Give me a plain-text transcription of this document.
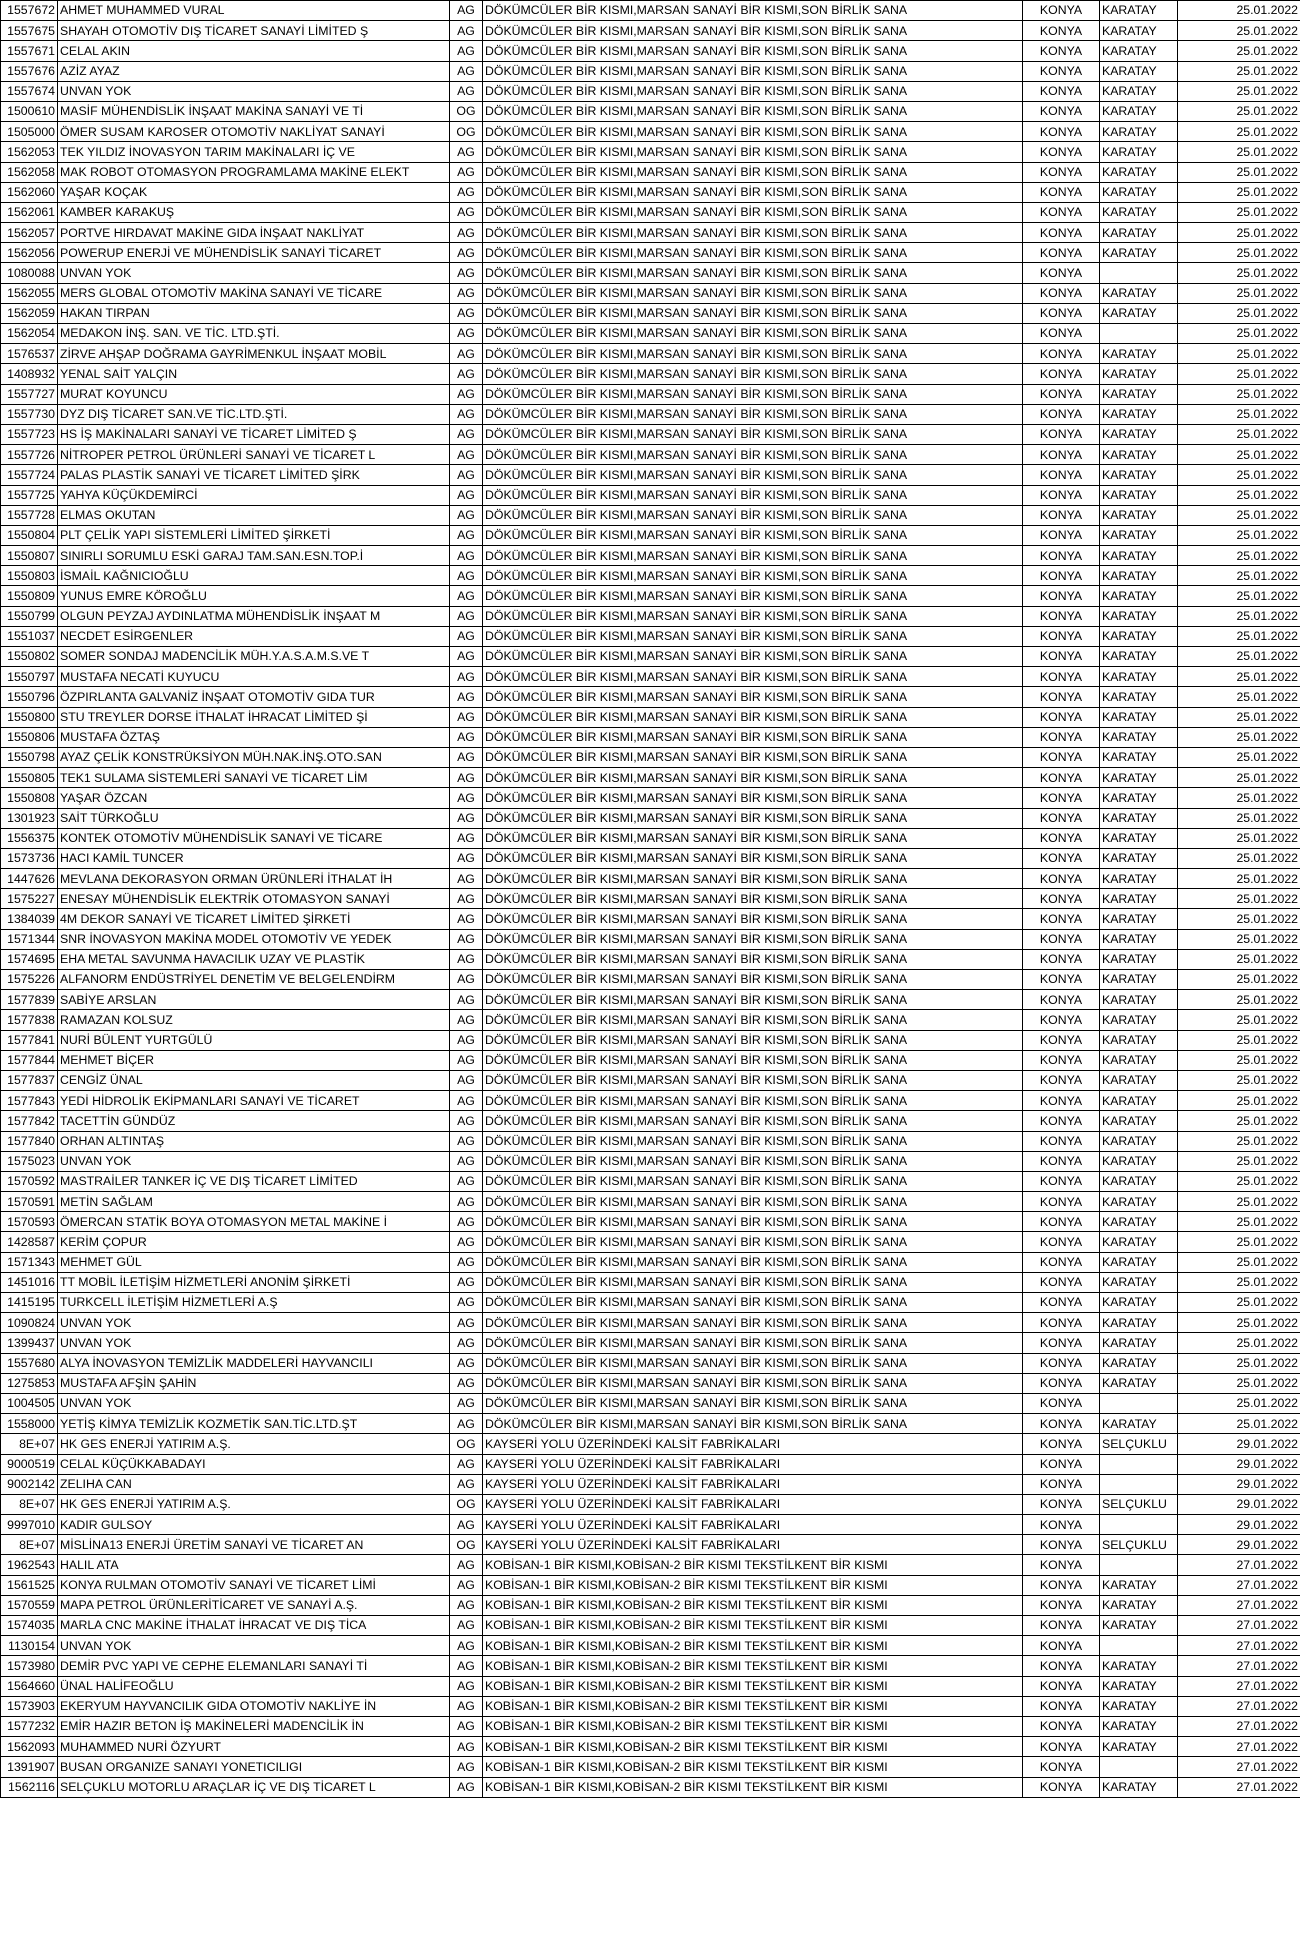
1557672	AHMET MUHAMMED VURAL	AG	DÖKÜMCÜLER BİR KISMI,MARSAN SANAYİ BİR KISMI,SON BİRLİK SANA	KONYA	KARATAY	25.01.2022
1557675	SHAYAH OTOMOTİV DIŞ TİCARET SANAYİ LİMİTED Ş	AG	DÖKÜMCÜLER BİR KISMI,MARSAN SANAYİ BİR KISMI,SON BİRLİK SANA	KONYA	KARATAY	25.01.2022
1557671	CELAL AKIN	AG	DÖKÜMCÜLER BİR KISMI,MARSAN SANAYİ BİR KISMI,SON BİRLİK SANA	KONYA	KARATAY	25.01.2022
1557676	AZİZ AYAZ	AG	DÖKÜMCÜLER BİR KISMI,MARSAN SANAYİ BİR KISMI,SON BİRLİK SANA	KONYA	KARATAY	25.01.2022
1557674	UNVAN YOK	AG	DÖKÜMCÜLER BİR KISMI,MARSAN SANAYİ BİR KISMI,SON BİRLİK SANA	KONYA	KARATAY	25.01.2022
1500610	MASİF MÜHENDİSLİK İNŞAAT MAKİNA SANAYİ VE Tİ	OG	DÖKÜMCÜLER BİR KISMI,MARSAN SANAYİ BİR KISMI,SON BİRLİK SANA	KONYA	KARATAY	25.01.2022
1505000	ÖMER SUSAM KAROSER OTOMOTİV NAKLİYAT SANAYİ	OG	DÖKÜMCÜLER BİR KISMI,MARSAN SANAYİ BİR KISMI,SON BİRLİK SANA	KONYA	KARATAY	25.01.2022
1562053	TEK YILDIZ İNOVASYON TARIM MAKİNALARI İÇ VE	AG	DÖKÜMCÜLER BİR KISMI,MARSAN SANAYİ BİR KISMI,SON BİRLİK SANA	KONYA	KARATAY	25.01.2022
1562058	MAK ROBOT OTOMASYON PROGRAMLAMA MAKİNE ELEKT	AG	DÖKÜMCÜLER BİR KISMI,MARSAN SANAYİ BİR KISMI,SON BİRLİK SANA	KONYA	KARATAY	25.01.2022
1562060	YAŞAR KOÇAK	AG	DÖKÜMCÜLER BİR KISMI,MARSAN SANAYİ BİR KISMI,SON BİRLİK SANA	KONYA	KARATAY	25.01.2022
1562061	KAMBER KARAKUŞ	AG	DÖKÜMCÜLER BİR KISMI,MARSAN SANAYİ BİR KISMI,SON BİRLİK SANA	KONYA	KARATAY	25.01.2022
1562057	PORTVE HIRDAVAT MAKİNE GIDA İNŞAAT NAKLİYAT	AG	DÖKÜMCÜLER BİR KISMI,MARSAN SANAYİ BİR KISMI,SON BİRLİK SANA	KONYA	KARATAY	25.01.2022
1562056	POWERUP ENERJİ VE MÜHENDİSLİK SANAYİ TİCARET	AG	DÖKÜMCÜLER BİR KISMI,MARSAN SANAYİ BİR KISMI,SON BİRLİK SANA	KONYA	KARATAY	25.01.2022
1080088	UNVAN YOK	AG	DÖKÜMCÜLER BİR KISMI,MARSAN SANAYİ BİR KISMI,SON BİRLİK SANA	KONYA		25.01.2022
1562055	MERS GLOBAL OTOMOTİV MAKİNA SANAYİ VE TİCARE	AG	DÖKÜMCÜLER BİR KISMI,MARSAN SANAYİ BİR KISMI,SON BİRLİK SANA	KONYA	KARATAY	25.01.2022
1562059	HAKAN TIRPAN	AG	DÖKÜMCÜLER BİR KISMI,MARSAN SANAYİ BİR KISMI,SON BİRLİK SANA	KONYA	KARATAY	25.01.2022
1562054	MEDAKON İNŞ. SAN. VE TİC. LTD.ŞTİ.	AG	DÖKÜMCÜLER BİR KISMI,MARSAN SANAYİ BİR KISMI,SON BİRLİK SANA	KONYA		25.01.2022
1576537	ZİRVE AHŞAP DOĞRAMA GAYRİMENKUL İNŞAAT MOBİL	AG	DÖKÜMCÜLER BİR KISMI,MARSAN SANAYİ BİR KISMI,SON BİRLİK SANA	KONYA	KARATAY	25.01.2022
1408932	YENAL SAİT YALÇIN	AG	DÖKÜMCÜLER BİR KISMI,MARSAN SANAYİ BİR KISMI,SON BİRLİK SANA	KONYA	KARATAY	25.01.2022
1557727	MURAT KOYUNCU	AG	DÖKÜMCÜLER BİR KISMI,MARSAN SANAYİ BİR KISMI,SON BİRLİK SANA	KONYA	KARATAY	25.01.2022
1557730	DYZ DIŞ TİCARET SAN.VE TİC.LTD.ŞTİ.	AG	DÖKÜMCÜLER BİR KISMI,MARSAN SANAYİ BİR KISMI,SON BİRLİK SANA	KONYA	KARATAY	25.01.2022
1557723	HS İŞ MAKİNALARI SANAYİ VE TİCARET LİMİTED Ş	AG	DÖKÜMCÜLER BİR KISMI,MARSAN SANAYİ BİR KISMI,SON BİRLİK SANA	KONYA	KARATAY	25.01.2022
1557726	NİTROPER PETROL ÜRÜNLERİ SANAYİ VE TİCARET L	AG	DÖKÜMCÜLER BİR KISMI,MARSAN SANAYİ BİR KISMI,SON BİRLİK SANA	KONYA	KARATAY	25.01.2022
1557724	PALAS PLASTİK SANAYİ VE TİCARET LİMİTED ŞİRK	AG	DÖKÜMCÜLER BİR KISMI,MARSAN SANAYİ BİR KISMI,SON BİRLİK SANA	KONYA	KARATAY	25.01.2022
1557725	YAHYA KÜÇÜKDEMİRCİ	AG	DÖKÜMCÜLER BİR KISMI,MARSAN SANAYİ BİR KISMI,SON BİRLİK SANA	KONYA	KARATAY	25.01.2022
1557728	ELMAS OKUTAN	AG	DÖKÜMCÜLER BİR KISMI,MARSAN SANAYİ BİR KISMI,SON BİRLİK SANA	KONYA	KARATAY	25.01.2022
1550804	PLT ÇELİK YAPI SİSTEMLERİ LİMİTED ŞİRKETİ	AG	DÖKÜMCÜLER BİR KISMI,MARSAN SANAYİ BİR KISMI,SON BİRLİK SANA	KONYA	KARATAY	25.01.2022
1550807	SINIRLI SORUMLU ESKİ GARAJ TAM.SAN.ESN.TOP.İ	AG	DÖKÜMCÜLER BİR KISMI,MARSAN SANAYİ BİR KISMI,SON BİRLİK SANA	KONYA	KARATAY	25.01.2022
1550803	İSMAİL KAĞNICIOĞLU	AG	DÖKÜMCÜLER BİR KISMI,MARSAN SANAYİ BİR KISMI,SON BİRLİK SANA	KONYA	KARATAY	25.01.2022
1550809	YUNUS EMRE KÖROĞLU	AG	DÖKÜMCÜLER BİR KISMI,MARSAN SANAYİ BİR KISMI,SON BİRLİK SANA	KONYA	KARATAY	25.01.2022
1550799	OLGUN PEYZAJ AYDINLATMA MÜHENDİSLİK İNŞAAT M	AG	DÖKÜMCÜLER BİR KISMI,MARSAN SANAYİ BİR KISMI,SON BİRLİK SANA	KONYA	KARATAY	25.01.2022
1551037	NECDET ESİRGENLER	AG	DÖKÜMCÜLER BİR KISMI,MARSAN SANAYİ BİR KISMI,SON BİRLİK SANA	KONYA	KARATAY	25.01.2022
1550802	SOMER SONDAJ MADENCİLİK MÜH.Y.A.S.A.M.S.VE T	AG	DÖKÜMCÜLER BİR KISMI,MARSAN SANAYİ BİR KISMI,SON BİRLİK SANA	KONYA	KARATAY	25.01.2022
1550797	MUSTAFA NECATİ KUYUCU	AG	DÖKÜMCÜLER BİR KISMI,MARSAN SANAYİ BİR KISMI,SON BİRLİK SANA	KONYA	KARATAY	25.01.2022
1550796	ÖZPIRLANTA GALVANİZ İNŞAAT OTOMOTİV GIDA TUR	AG	DÖKÜMCÜLER BİR KISMI,MARSAN SANAYİ BİR KISMI,SON BİRLİK SANA	KONYA	KARATAY	25.01.2022
1550800	STU TREYLER DORSE İTHALAT İHRACAT LİMİTED Şİ	AG	DÖKÜMCÜLER BİR KISMI,MARSAN SANAYİ BİR KISMI,SON BİRLİK SANA	KONYA	KARATAY	25.01.2022
1550806	MUSTAFA ÖZTAŞ	AG	DÖKÜMCÜLER BİR KISMI,MARSAN SANAYİ BİR KISMI,SON BİRLİK SANA	KONYA	KARATAY	25.01.2022
1550798	AYAZ ÇELİK KONSTRÜKSİYON MÜH.NAK.İNŞ.OTO.SAN	AG	DÖKÜMCÜLER BİR KISMI,MARSAN SANAYİ BİR KISMI,SON BİRLİK SANA	KONYA	KARATAY	25.01.2022
1550805	TEK1 SULAMA SİSTEMLERİ SANAYİ VE TİCARET LİM	AG	DÖKÜMCÜLER BİR KISMI,MARSAN SANAYİ BİR KISMI,SON BİRLİK SANA	KONYA	KARATAY	25.01.2022
1550808	YAŞAR ÖZCAN	AG	DÖKÜMCÜLER BİR KISMI,MARSAN SANAYİ BİR KISMI,SON BİRLİK SANA	KONYA	KARATAY	25.01.2022
1301923	SAİT TÜRKOĞLU	AG	DÖKÜMCÜLER BİR KISMI,MARSAN SANAYİ BİR KISMI,SON BİRLİK SANA	KONYA	KARATAY	25.01.2022
1556375	KONTEK OTOMOTİV MÜHENDİSLİK SANAYİ VE TİCARE	AG	DÖKÜMCÜLER BİR KISMI,MARSAN SANAYİ BİR KISMI,SON BİRLİK SANA	KONYA	KARATAY	25.01.2022
1573736	HACI KAMİL TUNCER	AG	DÖKÜMCÜLER BİR KISMI,MARSAN SANAYİ BİR KISMI,SON BİRLİK SANA	KONYA	KARATAY	25.01.2022
1447626	MEVLANA DEKORASYON ORMAN ÜRÜNLERİ İTHALAT İH	AG	DÖKÜMCÜLER BİR KISMI,MARSAN SANAYİ BİR KISMI,SON BİRLİK SANA	KONYA	KARATAY	25.01.2022
1575227	ENESAY MÜHENDİSLİK ELEKTRİK OTOMASYON SANAYİ	AG	DÖKÜMCÜLER BİR KISMI,MARSAN SANAYİ BİR KISMI,SON BİRLİK SANA	KONYA	KARATAY	25.01.2022
1384039	4M DEKOR SANAYİ VE TİCARET LİMİTED ŞİRKETİ	AG	DÖKÜMCÜLER BİR KISMI,MARSAN SANAYİ BİR KISMI,SON BİRLİK SANA	KONYA	KARATAY	25.01.2022
1571344	SNR İNOVASYON MAKİNA MODEL OTOMOTİV VE YEDEK	AG	DÖKÜMCÜLER BİR KISMI,MARSAN SANAYİ BİR KISMI,SON BİRLİK SANA	KONYA	KARATAY	25.01.2022
1574695	EHA METAL SAVUNMA HAVACILIK UZAY VE PLASTİK	AG	DÖKÜMCÜLER BİR KISMI,MARSAN SANAYİ BİR KISMI,SON BİRLİK SANA	KONYA	KARATAY	25.01.2022
1575226	ALFANORM ENDÜSTRİYEL DENETİM VE BELGELENDİRM	AG	DÖKÜMCÜLER BİR KISMI,MARSAN SANAYİ BİR KISMI,SON BİRLİK SANA	KONYA	KARATAY	25.01.2022
1577839	SABİYE ARSLAN	AG	DÖKÜMCÜLER BİR KISMI,MARSAN SANAYİ BİR KISMI,SON BİRLİK SANA	KONYA	KARATAY	25.01.2022
1577838	RAMAZAN KOLSUZ	AG	DÖKÜMCÜLER BİR KISMI,MARSAN SANAYİ BİR KISMI,SON BİRLİK SANA	KONYA	KARATAY	25.01.2022
1577841	NURİ BÜLENT YURTGÜLÜ	AG	DÖKÜMCÜLER BİR KISMI,MARSAN SANAYİ BİR KISMI,SON BİRLİK SANA	KONYA	KARATAY	25.01.2022
1577844	MEHMET BİÇER	AG	DÖKÜMCÜLER BİR KISMI,MARSAN SANAYİ BİR KISMI,SON BİRLİK SANA	KONYA	KARATAY	25.01.2022
1577837	CENGİZ ÜNAL	AG	DÖKÜMCÜLER BİR KISMI,MARSAN SANAYİ BİR KISMI,SON BİRLİK SANA	KONYA	KARATAY	25.01.2022
1577843	YEDİ HİDROLİK EKİPMANLARI SANAYİ VE TİCARET	AG	DÖKÜMCÜLER BİR KISMI,MARSAN SANAYİ BİR KISMI,SON BİRLİK SANA	KONYA	KARATAY	25.01.2022
1577842	TACETTİN GÜNDÜZ	AG	DÖKÜMCÜLER BİR KISMI,MARSAN SANAYİ BİR KISMI,SON BİRLİK SANA	KONYA	KARATAY	25.01.2022
1577840	ORHAN ALTINTAŞ	AG	DÖKÜMCÜLER BİR KISMI,MARSAN SANAYİ BİR KISMI,SON BİRLİK SANA	KONYA	KARATAY	25.01.2022
1575023	UNVAN YOK	AG	DÖKÜMCÜLER BİR KISMI,MARSAN SANAYİ BİR KISMI,SON BİRLİK SANA	KONYA	KARATAY	25.01.2022
1570592	MASTRAİLER TANKER İÇ VE DIŞ TİCARET LİMİTED	AG	DÖKÜMCÜLER BİR KISMI,MARSAN SANAYİ BİR KISMI,SON BİRLİK SANA	KONYA	KARATAY	25.01.2022
1570591	METİN SAĞLAM	AG	DÖKÜMCÜLER BİR KISMI,MARSAN SANAYİ BİR KISMI,SON BİRLİK SANA	KONYA	KARATAY	25.01.2022
1570593	ÖMERCAN STATİK BOYA OTOMASYON METAL MAKİNE İ	AG	DÖKÜMCÜLER BİR KISMI,MARSAN SANAYİ BİR KISMI,SON BİRLİK SANA	KONYA	KARATAY	25.01.2022
1428587	KERİM ÇOPUR	AG	DÖKÜMCÜLER BİR KISMI,MARSAN SANAYİ BİR KISMI,SON BİRLİK SANA	KONYA	KARATAY	25.01.2022
1571343	MEHMET GÜL	AG	DÖKÜMCÜLER BİR KISMI,MARSAN SANAYİ BİR KISMI,SON BİRLİK SANA	KONYA	KARATAY	25.01.2022
1451016	TT MOBİL İLETİŞİM HİZMETLERİ ANONİM ŞİRKETİ	AG	DÖKÜMCÜLER BİR KISMI,MARSAN SANAYİ BİR KISMI,SON BİRLİK SANA	KONYA	KARATAY	25.01.2022
1415195	TURKCELL İLETİŞİM HİZMETLERİ A.Ş	AG	DÖKÜMCÜLER BİR KISMI,MARSAN SANAYİ BİR KISMI,SON BİRLİK SANA	KONYA	KARATAY	25.01.2022
1090824	UNVAN YOK	AG	DÖKÜMCÜLER BİR KISMI,MARSAN SANAYİ BİR KISMI,SON BİRLİK SANA	KONYA	KARATAY	25.01.2022
1399437	UNVAN YOK	AG	DÖKÜMCÜLER BİR KISMI,MARSAN SANAYİ BİR KISMI,SON BİRLİK SANA	KONYA	KARATAY	25.01.2022
1557680	ALYA İNOVASYON TEMİZLİK MADDELERİ HAYVANCILI	AG	DÖKÜMCÜLER BİR KISMI,MARSAN SANAYİ BİR KISMI,SON BİRLİK SANA	KONYA	KARATAY	25.01.2022
1275853	MUSTAFA AFŞİN ŞAHİN	AG	DÖKÜMCÜLER BİR KISMI,MARSAN SANAYİ BİR KISMI,SON BİRLİK SANA	KONYA	KARATAY	25.01.2022
1004505	UNVAN YOK	AG	DÖKÜMCÜLER BİR KISMI,MARSAN SANAYİ BİR KISMI,SON BİRLİK SANA	KONYA		25.01.2022
1558000	YETİŞ KİMYA TEMİZLİK KOZMETİK SAN.TİC.LTD.ŞT	AG	DÖKÜMCÜLER BİR KISMI,MARSAN SANAYİ BİR KISMI,SON BİRLİK SANA	KONYA	KARATAY	25.01.2022
8E+07	HK GES ENERJİ YATIRIM A.Ş.	OG	KAYSERİ YOLU ÜZERİNDEKİ KALSİT FABRİKALARI	KONYA	SELÇUKLU	29.01.2022
9000519	CELAL KÜÇÜKKABADAYI	AG	KAYSERİ YOLU ÜZERİNDEKİ KALSİT FABRİKALARI	KONYA		29.01.2022
9002142	ZELIHA CAN	AG	KAYSERİ YOLU ÜZERİNDEKİ KALSİT FABRİKALARI	KONYA		29.01.2022
8E+07	HK GES ENERJİ YATIRIM A.Ş.	OG	KAYSERİ YOLU ÜZERİNDEKİ KALSİT FABRİKALARI	KONYA	SELÇUKLU	29.01.2022
9997010	KADIR GULSOY	AG	KAYSERİ YOLU ÜZERİNDEKİ KALSİT FABRİKALARI	KONYA		29.01.2022
8E+07	MİSLİNA13 ENERJİ ÜRETİM SANAYİ VE TİCARET AN	OG	KAYSERİ YOLU ÜZERİNDEKİ KALSİT FABRİKALARI	KONYA	SELÇUKLU	29.01.2022
1962543	HALIL ATA	AG	KOBİSAN-1 BİR KISMI,KOBİSAN-2 BİR KISMI TEKSTİLKENT BİR KISMI	KONYA		27.01.2022
1561525	KONYA RULMAN OTOMOTİV SANAYİ VE TİCARET LİMİ	AG	KOBİSAN-1 BİR KISMI,KOBİSAN-2 BİR KISMI TEKSTİLKENT BİR KISMI	KONYA	KARATAY	27.01.2022
1570559	MAPA PETROL ÜRÜNLERİTİCARET VE SANAYİ A.Ş.	AG	KOBİSAN-1 BİR KISMI,KOBİSAN-2 BİR KISMI TEKSTİLKENT BİR KISMI	KONYA	KARATAY	27.01.2022
1574035	MARLA CNC MAKİNE İTHALAT İHRACAT VE DIŞ TİCA	AG	KOBİSAN-1 BİR KISMI,KOBİSAN-2 BİR KISMI TEKSTİLKENT BİR KISMI	KONYA	KARATAY	27.01.2022
1130154	UNVAN YOK	AG	KOBİSAN-1 BİR KISMI,KOBİSAN-2 BİR KISMI TEKSTİLKENT BİR KISMI	KONYA		27.01.2022
1573980	DEMİR PVC YAPI VE CEPHE ELEMANLARI SANAYİ Tİ	AG	KOBİSAN-1 BİR KISMI,KOBİSAN-2 BİR KISMI TEKSTİLKENT BİR KISMI	KONYA	KARATAY	27.01.2022
1564660	ÜNAL HALİFEOĞLU	AG	KOBİSAN-1 BİR KISMI,KOBİSAN-2 BİR KISMI TEKSTİLKENT BİR KISMI	KONYA	KARATAY	27.01.2022
1573903	EKERYUM HAYVANCILIK GIDA OTOMOTİV NAKLİYE İN	AG	KOBİSAN-1 BİR KISMI,KOBİSAN-2 BİR KISMI TEKSTİLKENT BİR KISMI	KONYA	KARATAY	27.01.2022
1577232	EMİR HAZIR BETON İŞ MAKİNELERİ MADENCİLİK İN	AG	KOBİSAN-1 BİR KISMI,KOBİSAN-2 BİR KISMI TEKSTİLKENT BİR KISMI	KONYA	KARATAY	27.01.2022
1562093	MUHAMMED NURİ ÖZYURT	AG	KOBİSAN-1 BİR KISMI,KOBİSAN-2 BİR KISMI TEKSTİLKENT BİR KISMI	KONYA	KARATAY	27.01.2022
1391907	BUSAN ORGANIZE SANAYI YONETICILIGI	AG	KOBİSAN-1 BİR KISMI,KOBİSAN-2 BİR KISMI TEKSTİLKENT BİR KISMI	KONYA		27.01.2022
1562116	SELÇUKLU MOTORLU ARAÇLAR İÇ VE DIŞ TİCARET L	AG	KOBİSAN-1 BİR KISMI,KOBİSAN-2 BİR KISMI TEKSTİLKENT BİR KISMI	KONYA	KARATAY	27.01.2022
